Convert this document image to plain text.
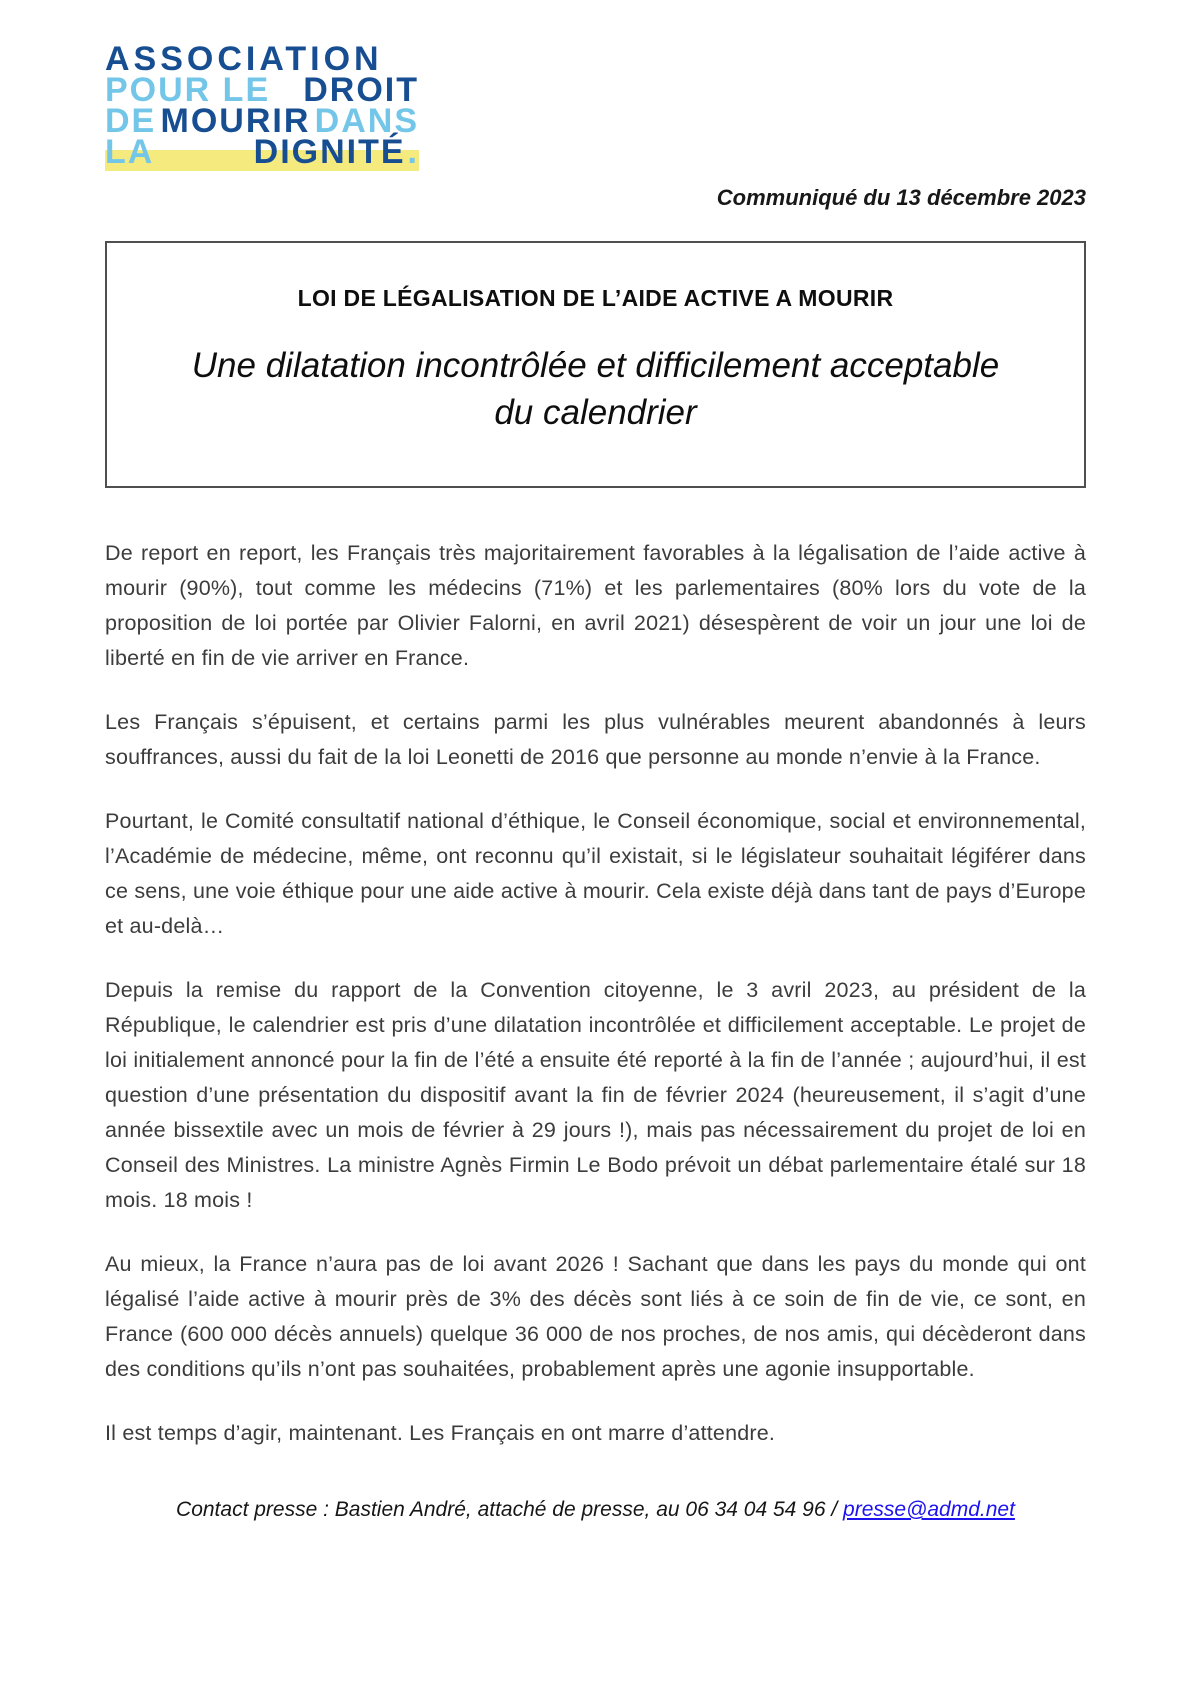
ASSOCIATION
POUR LE DROIT
DE MOURIR DANS
LA	DIGNITÉ.
Communiqué du 13 décembre 2023
LOI DE LÉGALISATION DE L’AIDE ACTIVE A MOURIR
Une dilatation incontrôlée et difficilement acceptable
du calendrier

De report en report, les Français très majoritairement favorables à la légalisation de l’aide active à mourir (90%), tout comme les médecins (71%) et les parlementaires (80% lors du vote de la proposition de loi portée par Olivier Falorni, en avril 2021) désespèrent de voir un jour une loi de liberté en fin de vie arriver en France.

Les Français s’épuisent, et certains parmi les plus vulnérables meurent abandonnés à leurs souffrances, aussi du fait de la loi Leonetti de 2016 que personne au monde n’envie à la France.

Pourtant, le Comité consultatif national d’éthique, le Conseil économique, social et environnemental, l’Académie de médecine, même, ont reconnu qu’il existait, si le législateur souhaitait légiférer dans ce sens, une voie éthique pour une aide active à mourir. Cela existe déjà dans tant de pays d’Europe et au-delà…

Depuis la remise du rapport de la Convention citoyenne, le 3 avril 2023, au président de la République, le calendrier est pris d’une dilatation incontrôlée et difficilement acceptable. Le projet de loi initialement annoncé pour la fin de l’été a ensuite été reporté à la fin de l’année ; aujourd’hui, il est question d’une présentation du dispositif avant la fin de février 2024 (heureusement, il s’agit d’une année bissextile avec un mois de février à 29 jours !), mais pas nécessairement du projet de loi en Conseil des Ministres. La ministre Agnès Firmin Le Bodo prévoit un débat parlementaire étalé sur 18 mois. 18 mois !

Au mieux, la France n’aura pas de loi avant 2026 ! Sachant que dans les pays du monde qui ont légalisé l’aide active à mourir près de 3% des décès sont liés à ce soin de fin de vie, ce sont, en France (600 000 décès annuels) quelque 36 000 de nos proches, de nos amis, qui décèderont dans des conditions qu’ils n’ont pas souhaitées, probablement après une agonie insupportable.

Il est temps d’agir, maintenant. Les Français en ont marre d’attendre.

Contact presse : Bastien André, attaché de presse, au 06 34 04 54 96 / presse@admd.net
